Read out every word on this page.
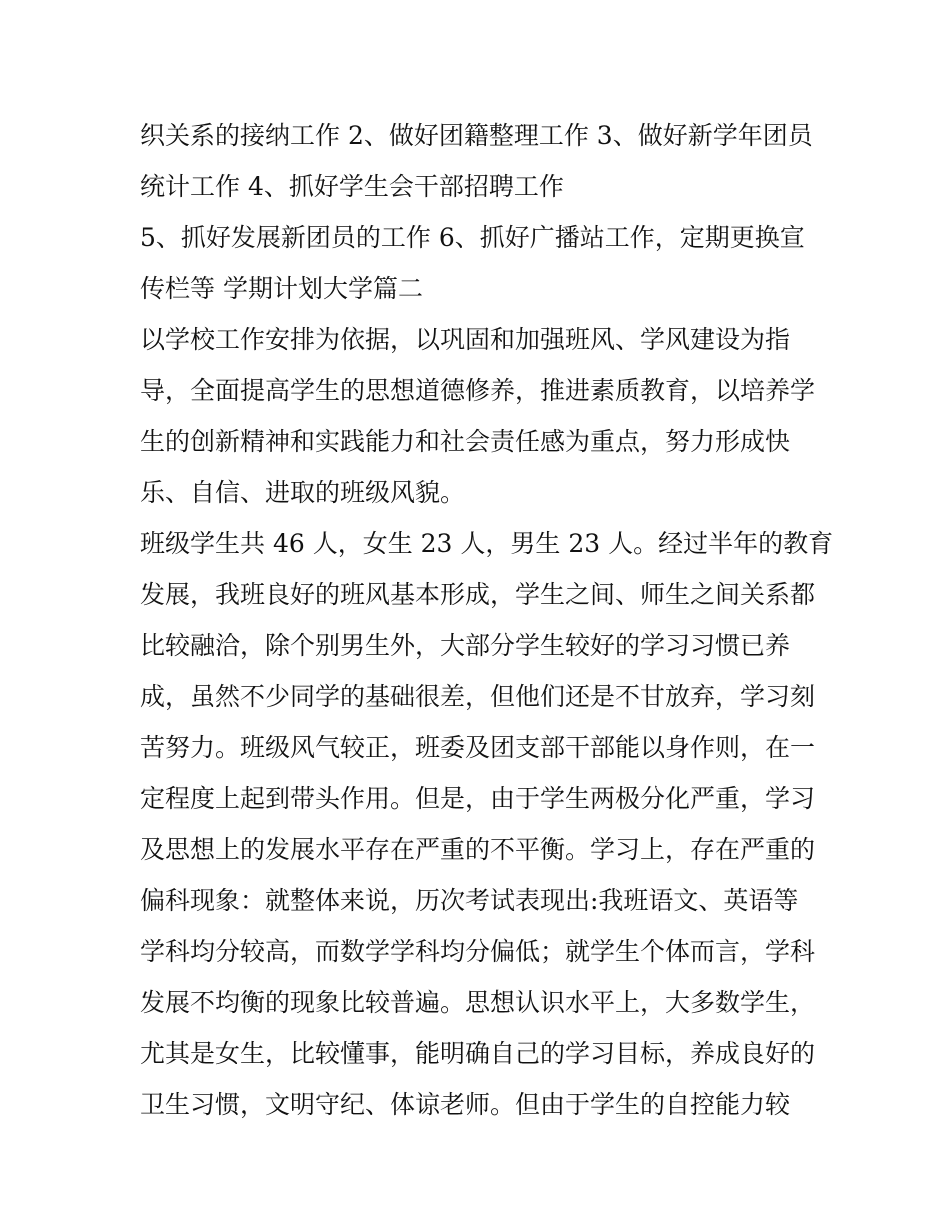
织关系的接纳工作 2、做好团籍整理工作 3、做好新学年团员
统计工作 4、抓好学生会干部招聘工作

5、抓好发展新团员的工作 6、抓好广播站工作，定期更换宣
传栏等 学期计划大学篇二

以学校工作安排为依据，以巩固和加强班风、学风建设为指
导，全面提高学生的思想道德修养，推进素质教育，以培养学
生的创新精神和实践能力和社会责任感为重点，努力形成快
乐、自信、进取的班级风貌。

班级学生共 46 人，女生 23 人，男生 23 人。经过半年的教育
发展，我班良好的班风基本形成，学生之间、师生之间关系都
比较融洽，除个别男生外，大部分学生较好的学习习惯已养
成，虽然不少同学的基础很差，但他们还是不甘放弃，学习刻
苦努力。班级风气较正，班委及团支部干部能以身作则，在一
定程度上起到带头作用。但是，由于学生两极分化严重，学习
及思想上的发展水平存在严重的不平衡。学习上，存在严重的
偏科现象：就整体来说，历次考试表现出:我班语文、英语等
学科均分较高，而数学学科均分偏低；就学生个体而言，学科
发展不均衡的现象比较普遍。思想认识水平上，大多数学生，
尤其是女生，比较懂事，能明确自己的学习目标，养成良好的
卫生习惯，文明守纪、体谅老师。但由于学生的自控能力较
